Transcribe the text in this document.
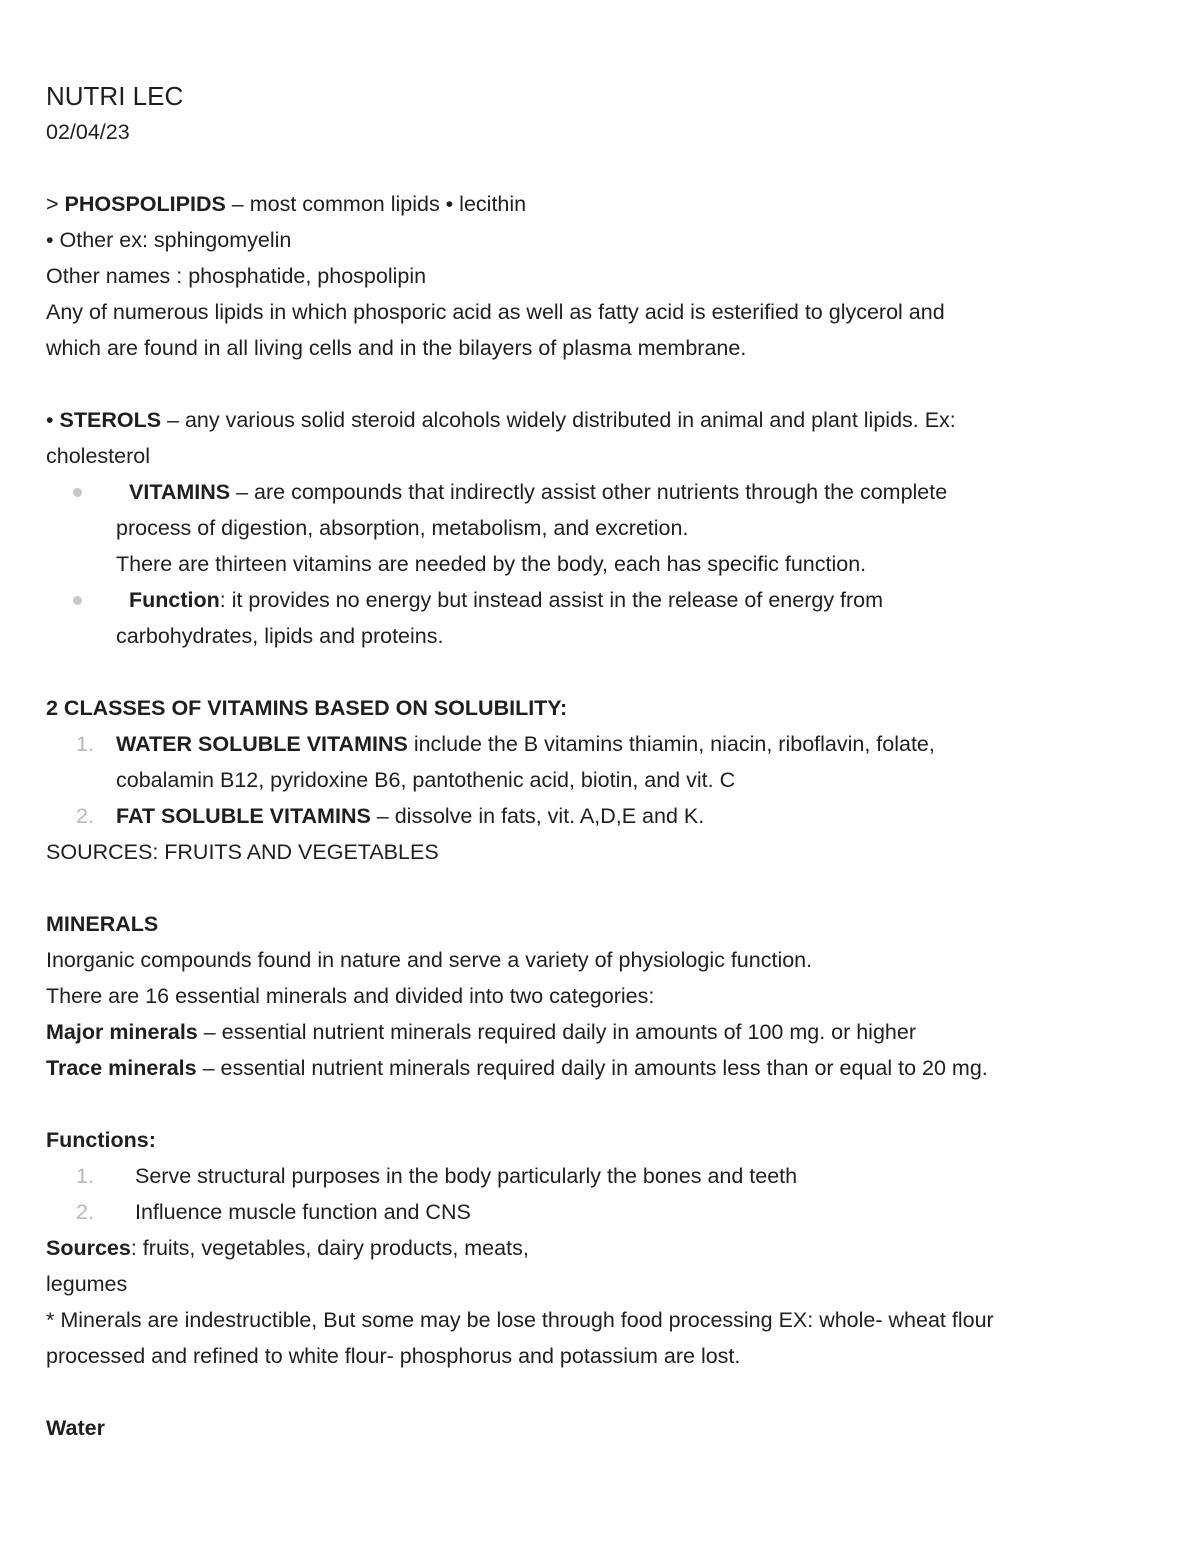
NUTRI LEC

02/04/23

> PHOSPOLIPIDS – most common lipids • lecithin

• Other ex: sphingomyelin

Other names : phosphatide, phospolipin

Any of numerous lipids in which phosporic acid as well as fatty acid is esterified to glycerol and

which are found in all living cells and in the bilayers of plasma membrane.

• STEROLS – any various solid steroid alcohols widely distributed in animal and plant lipids. Ex:

cholesterol

VITAMINS – are compounds that indirectly assist other nutrients through the complete
process of digestion, absorption, metabolism, and excretion.
There are thirteen vitamins are needed by the body, each has specific function.
Function: it provides no energy but instead assist in the release of energy from
carbohydrates, lipids and proteins.

2 CLASSES OF VITAMINS BASED ON SOLUBILITY:

1. WATER SOLUBLE VITAMINS include the B vitamins thiamin, niacin, riboflavin, folate,
cobalamin B12, pyridoxine B6, pantothenic acid, biotin, and vit. C
2. FAT SOLUBLE VITAMINS – dissolve in fats, vit. A,D,E and K.

SOURCES: FRUITS AND VEGETABLES

MINERALS

Inorganic compounds found in nature and serve a variety of physiologic function.

There are 16 essential minerals and divided into two categories:

Major minerals – essential nutrient minerals required daily in amounts of 100 mg. or higher

Trace minerals – essential nutrient minerals required daily in amounts less than or equal to 20 mg.

Functions:

1. Serve structural purposes in the body particularly the bones and teeth
2. Influence muscle function and CNS

Sources: fruits, vegetables, dairy products, meats,

legumes

* Minerals are indestructible, But some may be lose through food processing EX: whole- wheat flour

processed and refined to white flour- phosphorus and potassium are lost.

Water
